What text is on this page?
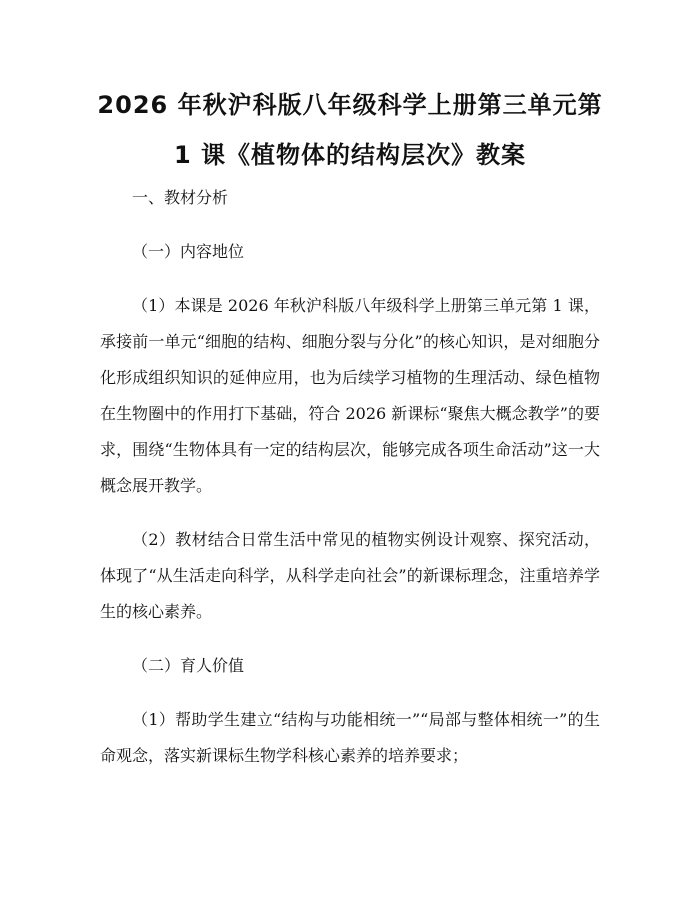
2026 年秋沪科版八年级科学上册第三单元第 1 课《植物体的结构层次》教案

一、教材分析

（一）内容地位

（1）本课是 2026 年秋沪科版八年级科学上册第三单元第 1 课，承接前一单元“细胞的结构、细胞分裂与分化”的核心知识，是对细胞分化形成组织知识的延伸应用，也为后续学习植物的生理活动、绿色植物在生物圈中的作用打下基础，符合 2026 新课标“聚焦大概念教学”的要求，围绕“生物体具有一定的结构层次，能够完成各项生命活动”这一大概念展开教学。

（2）教材结合日常生活中常见的植物实例设计观察、探究活动，体现了“从生活走向科学，从科学走向社会”的新课标理念，注重培养学生的核心素养。

（二）育人价值

（1）帮助学生建立“结构与功能相统一”“局部与整体相统一”的生命观念，落实新课标生物学科核心素养的培养要求；
